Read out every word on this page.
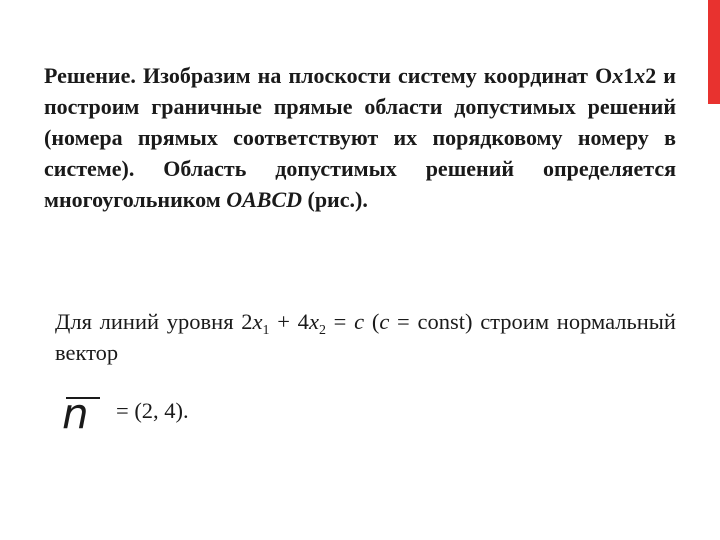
Решение. Изобразим на плоскости систему координат Ox1x2 и построим граничные прямые области допустимых решений (номера прямых соответствуют их порядковому номеру в системе). Область допустимых решений определяется многоугольником OABCD (рис.).
Для линий уровня $2x_1 + 4x_2 = c$ (c = const) строим нормальный вектор
n = (2, 4).
